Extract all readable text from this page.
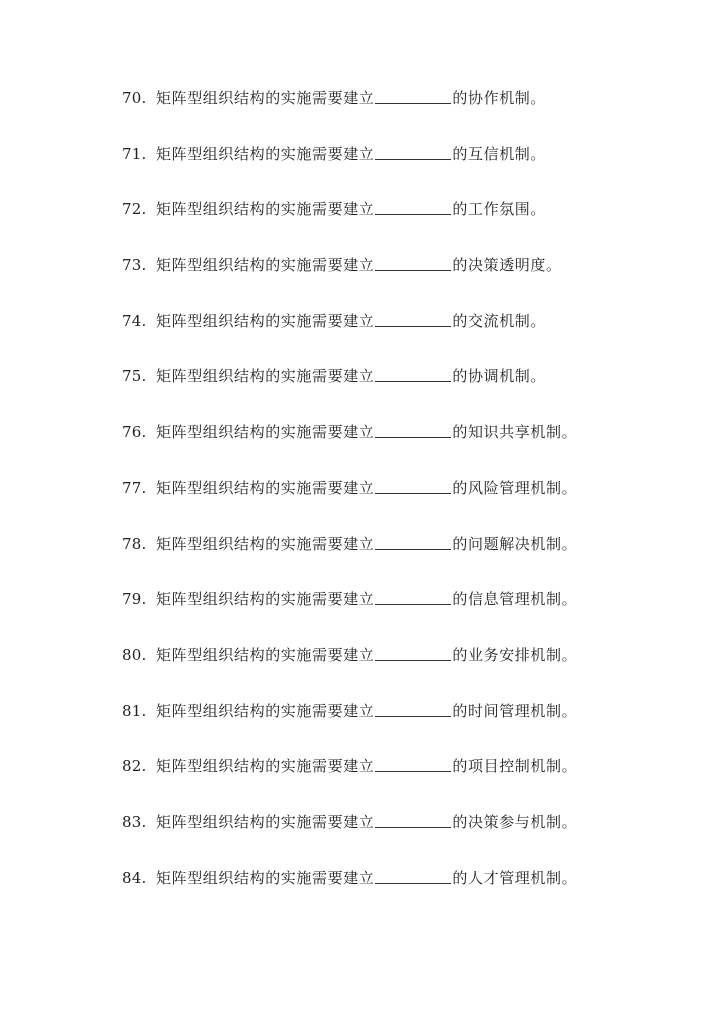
70. 矩阵型组织结构的实施需要建立	的协作机制。
71. 矩阵型组织结构的实施需要建立	的互信机制。
72. 矩阵型组织结构的实施需要建立	的工作氛围。
73. 矩阵型组织结构的实施需要建立	的决策透明度。
74. 矩阵型组织结构的实施需要建立	的交流机制。
75. 矩阵型组织结构的实施需要建立	的协调机制。
76. 矩阵型组织结构的实施需要建立	的知识共享机制。
77. 矩阵型组织结构的实施需要建立	的风险管理机制。
78. 矩阵型组织结构的实施需要建立	的问题解决机制。
79. 矩阵型组织结构的实施需要建立	的信息管理机制。
80. 矩阵型组织结构的实施需要建立	的业务安排机制。
81. 矩阵型组织结构的实施需要建立	的时间管理机制。
82. 矩阵型组织结构的实施需要建立	的项目控制机制。
83. 矩阵型组织结构的实施需要建立	的决策参与机制。
84. 矩阵型组织结构的实施需要建立	的人才管理机制。
